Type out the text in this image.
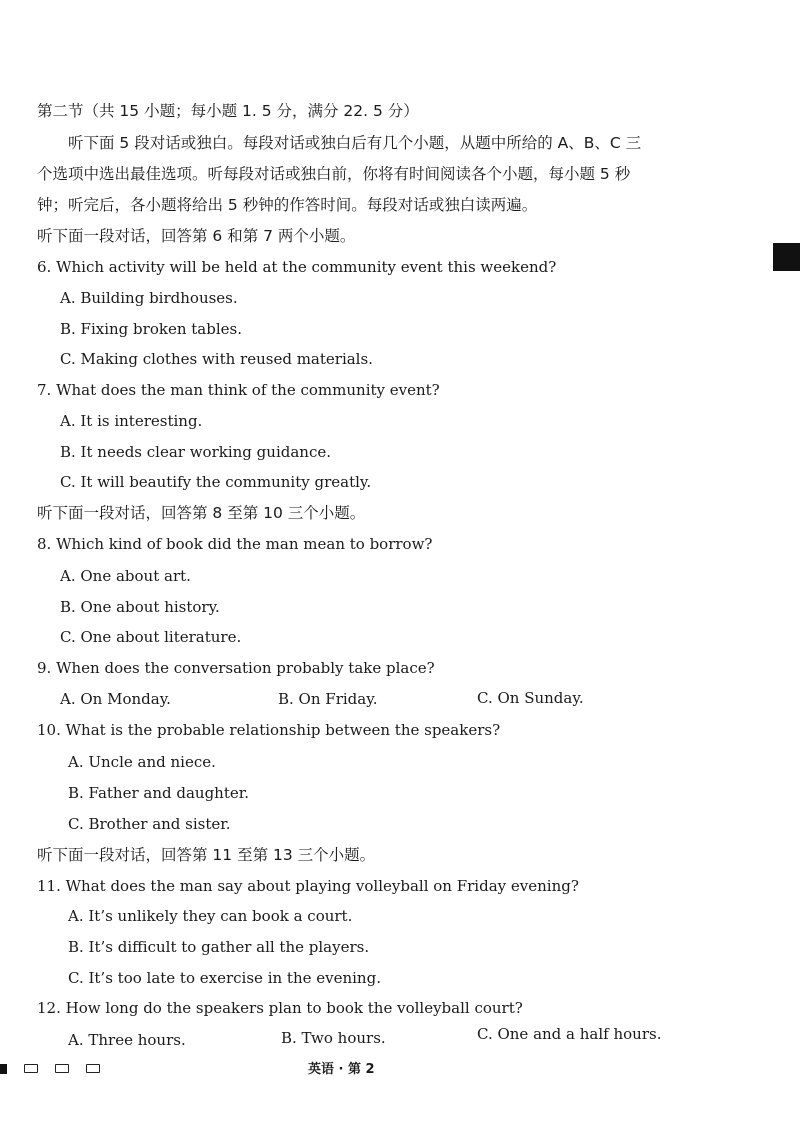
第二节（共 15 小题；每小题 1. 5 分，满分 22. 5 分）
听下面 5 段对话或独白。每段对话或独白后有几个小题，从题中所给的 A、B、C 三
个选项中选出最佳选项。听每段对话或独白前，你将有时间阅读各个小题，每小题 5 秒
钟；听完后，各小题将给出 5 秒钟的作答时间。每段对话或独白读两遍。
听下面一段对话，回答第 6 和第 7 两个小题。
6. Which activity will be held at the community event this weekend?
A. Building birdhouses.
B. Fixing broken tables.
C. Making clothes with reused materials.
7. What does the man think of the community event?
A. It is interesting.
B. It needs clear working guidance.
C. It will beautify the community greatly.
听下面一段对话，回答第 8 至第 10 三个小题。
8. Which kind of book did the man mean to borrow?
A. One about art.
B. One about history.
C. One about literature.
9. When does the conversation probably take place?
A. On Monday.	B. On Friday.	C. On Sunday.
10. What is the probable relationship between the speakers?
A. Uncle and niece.
B. Father and daughter.
C. Brother and sister.
听下面一段对话，回答第 11 至第 13 三个小题。
11. What does the man say about playing volleyball on Friday evening?
A. It’s unlikely they can book a court.
B. It’s difficult to gather all the players.
C. It’s too late to exercise in the evening.
12. How long do the speakers plan to book the volleyball court?
A. Three hours.	B. Two hours.	C. One and a half hours.
英语 · 第 2
